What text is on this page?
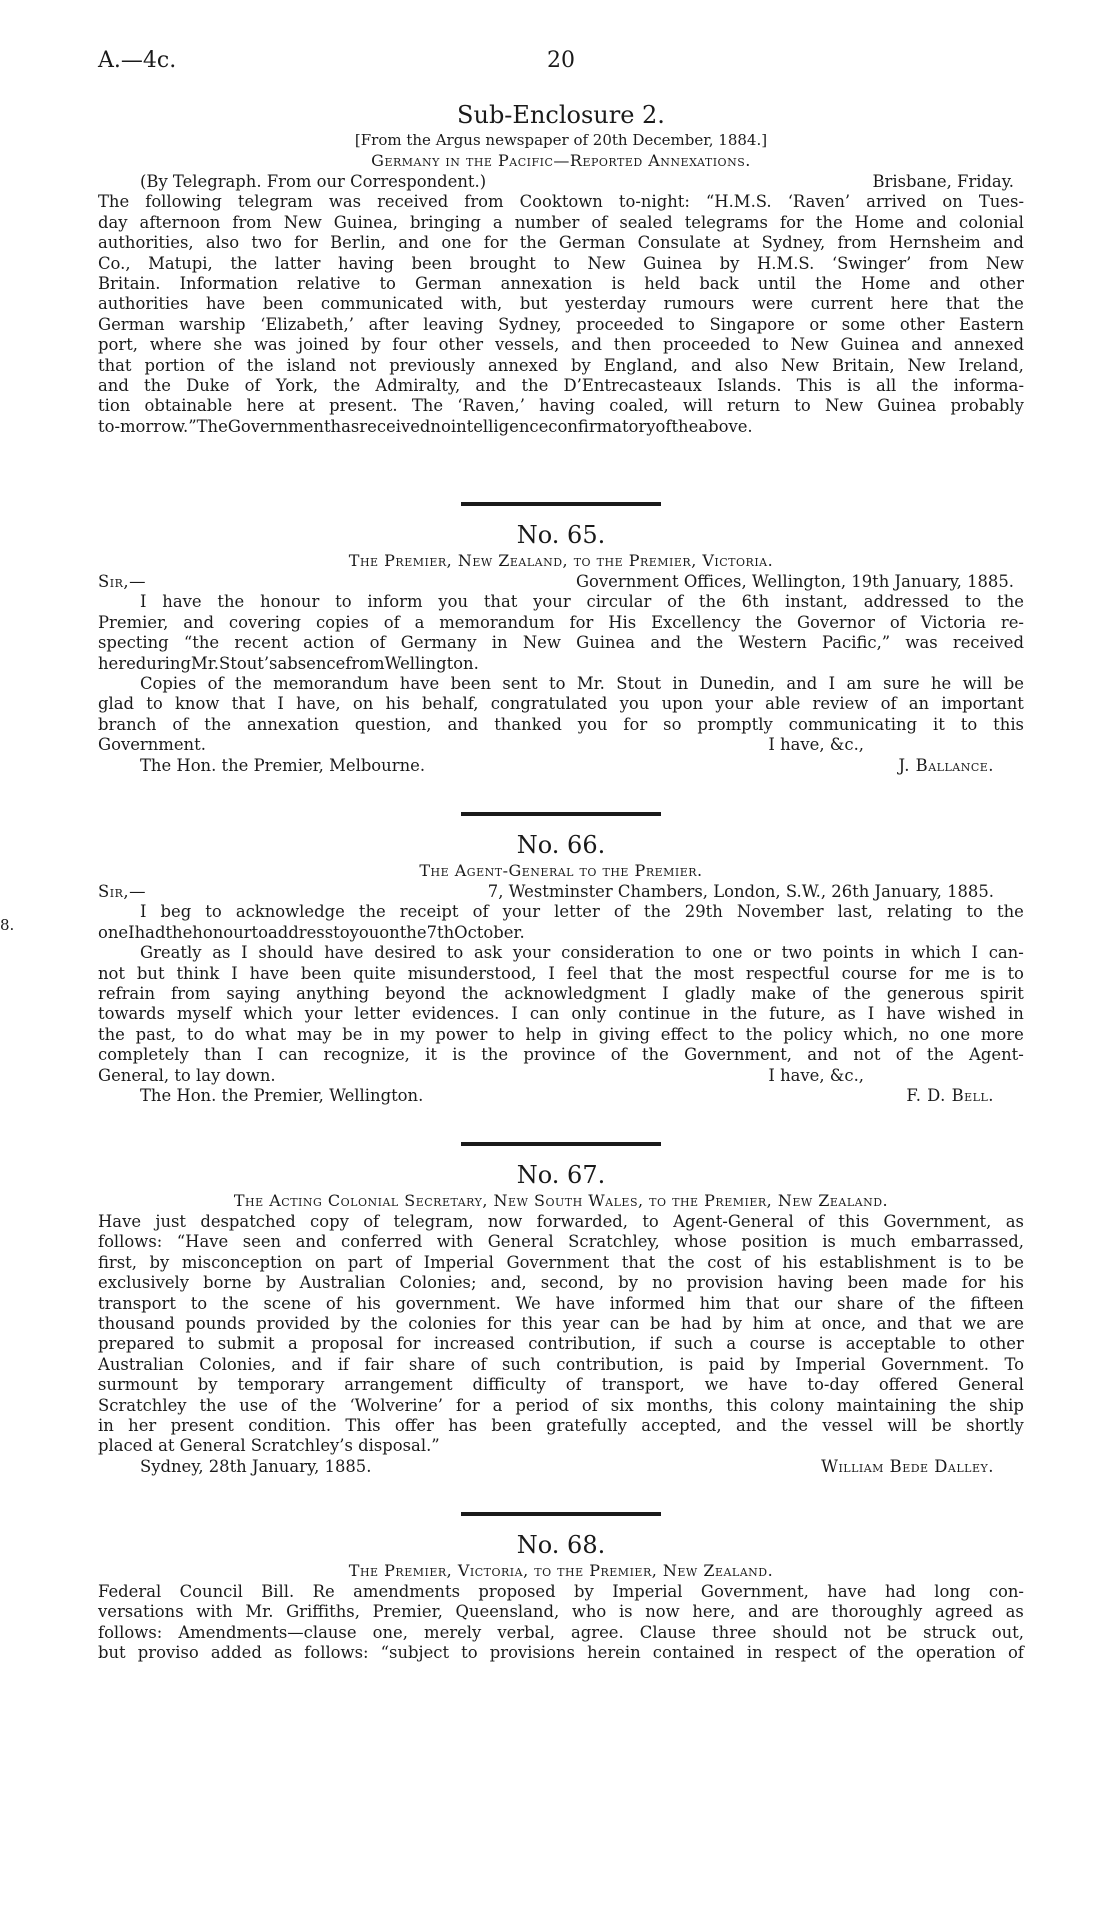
A.—4c.	20

Sub-Enclosure 2.

[From the Argus newspaper of 20th December, 1884.]

Germany in the Pacific—Reported Annexations.

(By Telegraph. From our Correspondent.)	Brisbane, Friday.

The following telegram was received from Cooktown to-night: “H.M.S. ‘Raven’ arrived on Tues-

day afternoon from New Guinea, bringing a number of sealed telegrams for the Home and colonial

authorities, also two for Berlin, and one for the German Consulate at Sydney, from Hernsheim and

Co., Matupi, the latter having been brought to New Guinea by H.M.S. ‘Swinger’ from New

Britain. Information relative to German annexation is held back until the Home and other

authorities have been communicated with, but yesterday rumours were current here that the

German warship ‘Elizabeth,’ after leaving Sydney, proceeded to Singapore or some other Eastern

port, where she was joined by four other vessels, and then proceeded to New Guinea and annexed

that portion of the island not previously annexed by England, and also New Britain, New Ireland,

and the Duke of York, the Admiralty, and the D’Entrecasteaux Islands. This is all the informa-

tion obtainable here at present. The ‘Raven,’ having coaled, will return to New Guinea probably

to-morrow.” The Government has received no intelligence confirmatory of the above.

No. 65.

The Premier, New Zealand, to the Premier, Victoria.

Sir,—	Government Offices, Wellington, 19th January, 1885.

I have the honour to inform you that your circular of the 6th instant, addressed to the

Premier, and covering copies of a memorandum for His Excellency the Governor of Victoria re-

specting “the recent action of Germany in New Guinea and the Western Pacific,” was received

here during Mr. Stout’s absence from Wellington.

Copies of the memorandum have been sent to Mr. Stout in Dunedin, and I am sure he will be

glad to know that I have, on his behalf, congratulated you upon your able review of an important

branch of the annexation question, and thanked you for so promptly communicating it to this

Government.	I have, &c.,
The Hon. the Premier, Melbourne.	J. Ballance.

No. 66.

The Agent-General to the Premier.

Sir,—	7, Westminster Chambers, London, S.W., 26th January, 1885.

I beg to acknowledge the receipt of your letter of the 29th November last, relating to the

one I had the honour to address to you on the 7th October.

Greatly as I should have desired to ask your consideration to one or two points in which I can-

not but think I have been quite misunderstood, I feel that the most respectful course for me is to

refrain from saying anything beyond the acknowledgment I gladly make of the generous spirit

towards myself which your letter evidences. I can only continue in the future, as I have wished in

the past, to do what may be in my power to help in giving effect to the policy which, no one more

completely than I can recognize, it is the province of the Government, and not of the Agent-

General, to lay down.	I have, &c.,
The Hon. the Premier, Wellington.	F. D. Bell.
8.

No. 67.

The Acting Colonial Secretary, New South Wales, to the Premier, New Zealand.

Have just despatched copy of telegram, now forwarded, to Agent-General of this Government, as

follows: “Have seen and conferred with General Scratchley, whose position is much embarrassed,

first, by misconception on part of Imperial Government that the cost of his establishment is to be

exclusively borne by Australian Colonies; and, second, by no provision having been made for his

transport to the scene of his government. We have informed him that our share of the fifteen

thousand pounds provided by the colonies for this year can be had by him at once, and that we are

prepared to submit a proposal for increased contribution, if such a course is acceptable to other

Australian Colonies, and if fair share of such contribution, is paid by Imperial Government. To

surmount by temporary arrangement difficulty of transport, we have to-day offered General

Scratchley the use of the ‘Wolverine’ for a period of six months, this colony maintaining the ship

in her present condition. This offer has been gratefully accepted, and the vessel will be shortly

placed at General Scratchley’s disposal.”

Sydney, 28th January, 1885.	William Bede Dalley.

No. 68.

The Premier, Victoria, to the Premier, New Zealand.

Federal Council Bill. Re amendments proposed by Imperial Government, have had long con-

versations with Mr. Griffiths, Premier, Queensland, who is now here, and are thoroughly agreed as

follows: Amendments—clause one, merely verbal, agree. Clause three should not be struck out,

but proviso added as follows: “subject to provisions herein contained in respect of the operation of
